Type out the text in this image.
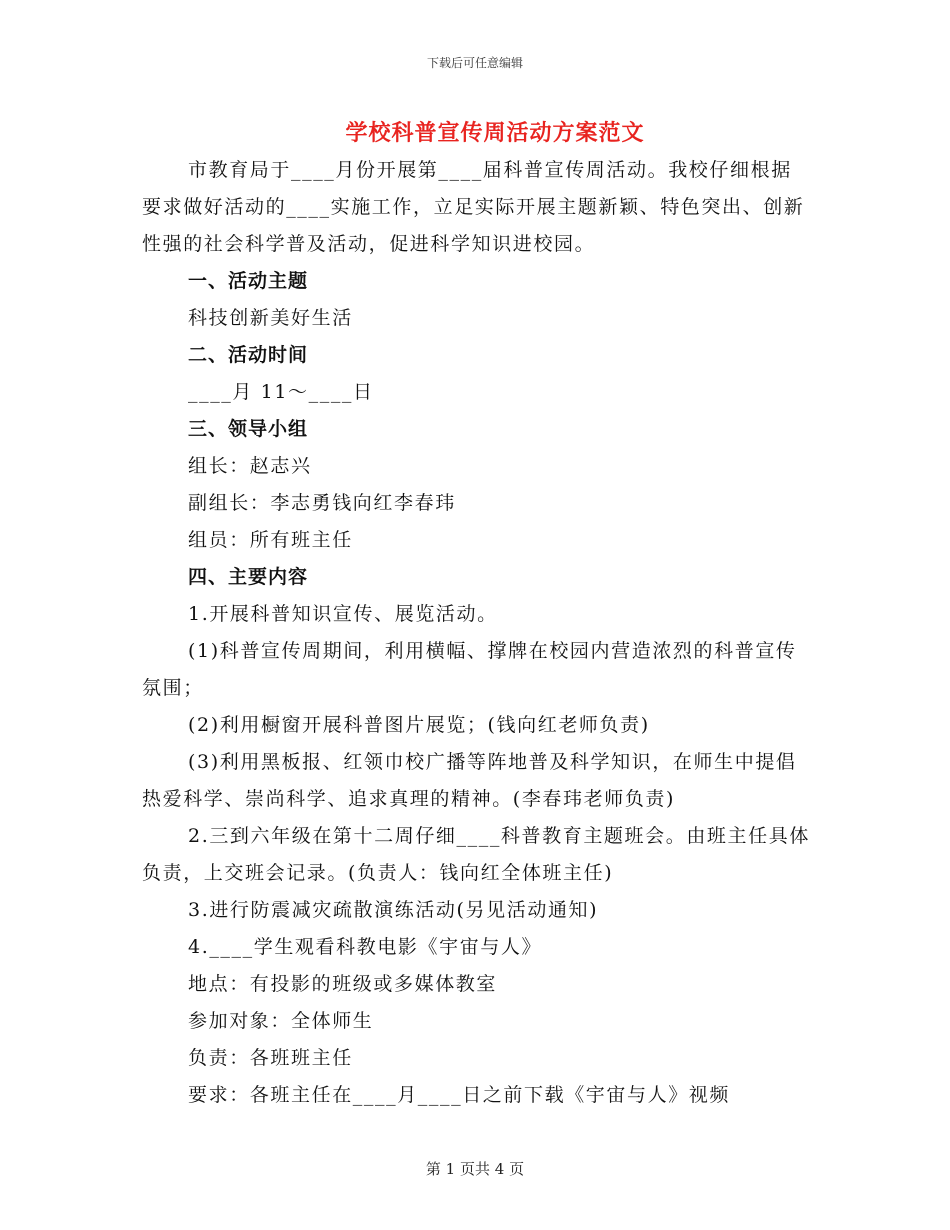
下载后可任意编辑
学校科普宣传周活动方案范文

市教育局于____月份开展第____届科普宣传周活动。我校仔细根据要求做好活动的____实施工作，立足实际开展主题新颖、特色突出、创新性强的社会科学普及活动，促进科学知识进校园。

一、活动主题

科技创新美好生活

二、活动时间

____月 11～____日

三、领导小组

组长：赵志兴

副组长：李志勇钱向红李春玮

组员：所有班主任

四、主要内容

1.开展科普知识宣传、展览活动。

(1)科普宣传周期间，利用横幅、撑牌在校园内营造浓烈的科普宣传氛围；

(2)利用橱窗开展科普图片展览；(钱向红老师负责)

(3)利用黑板报、红领巾校广播等阵地普及科学知识，在师生中提倡热爱科学、崇尚科学、追求真理的精神。(李春玮老师负责)

2.三到六年级在第十二周仔细____科普教育主题班会。由班主任具体负责，上交班会记录。(负责人：钱向红全体班主任)

3.进行防震减灾疏散演练活动(另见活动通知)

4.____学生观看科教电影《宇宙与人》

地点：有投影的班级或多媒体教室

参加对象：全体师生

负责：各班班主任

要求：各班主任在____月____日之前下载《宇宙与人》视频

第 1 页共 4 页
